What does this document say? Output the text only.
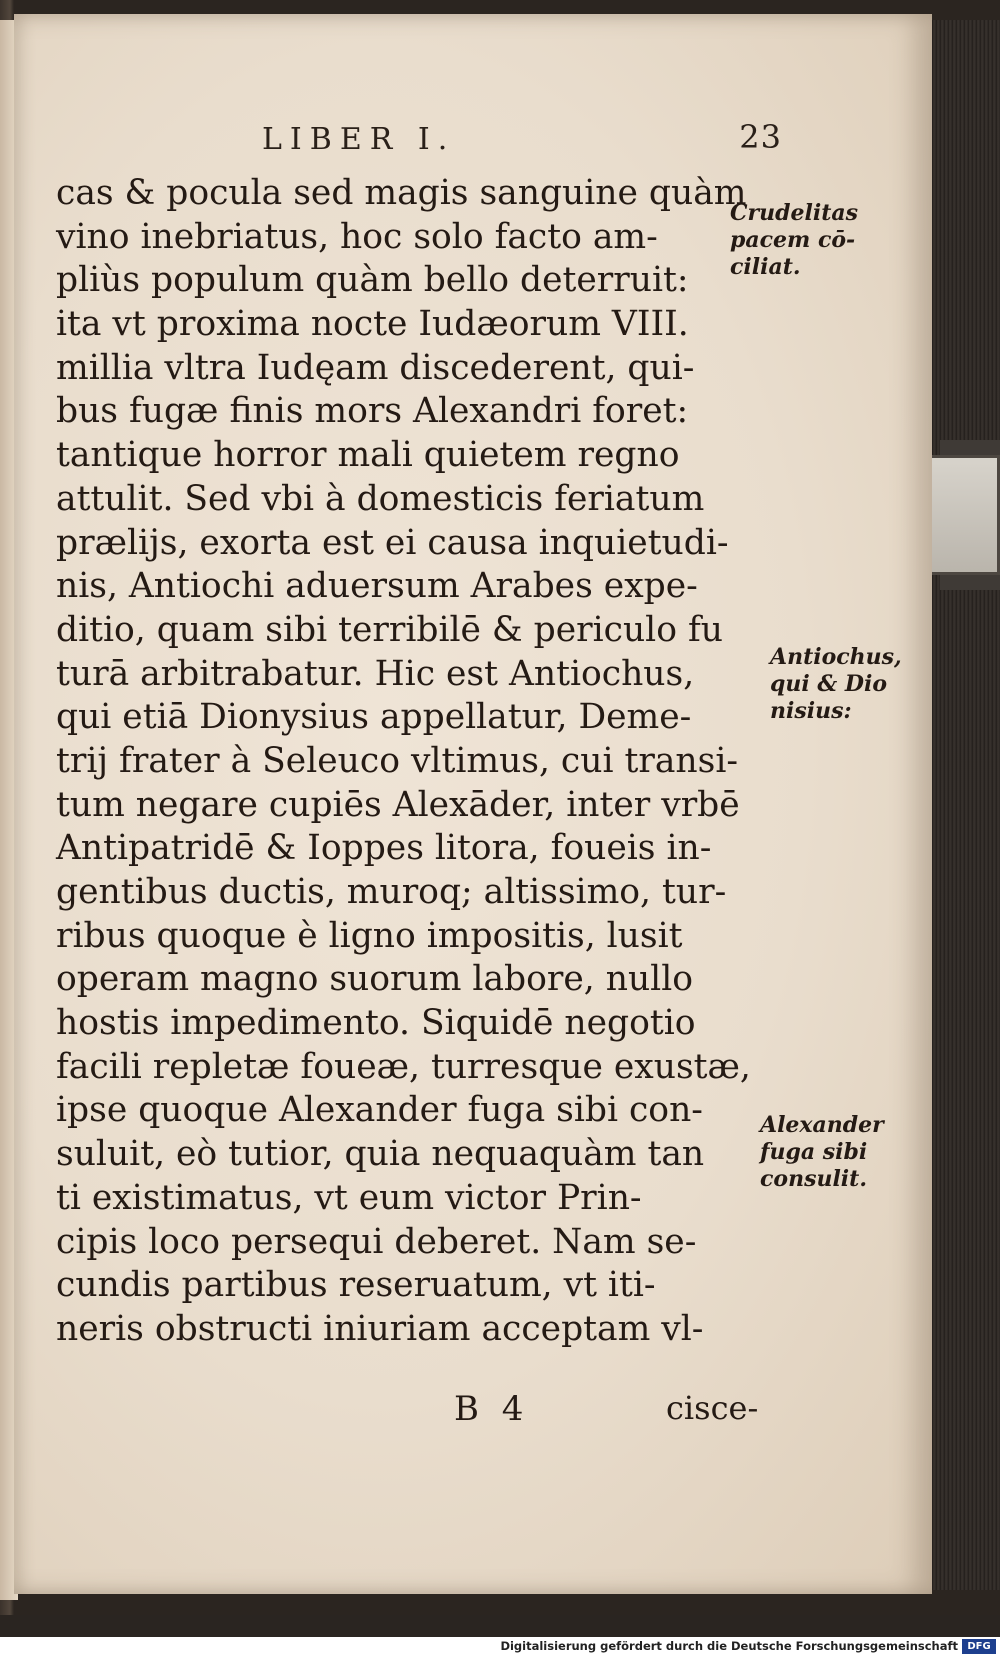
LIBER I.	23
cas & pocula sed magis sanguine quàm
vino inebriatus, hoc solo facto am-
pliùs populum quàm bello deterruit:
ita vt proxima nocte Iudæorum VIII.
millia vltra Iudęam discederent, qui-
bus fugæ finis mors Alexandri foret:
tantique horror mali quietem regno
attulit. Sed vbi à domesticis feriatum
prælijs, exorta est ei causa inquietudi-
nis, Antiochi aduersum Arabes expe-
ditio, quam sibi terribilē & periculo fu
turā arbitrabatur. Hic est Antiochus,
qui etiā Dionysius appellatur, Deme-
trij frater à Seleuco vltimus, cui transi-
tum negare cupiēs Alexāder, inter vrbē
Antipatridē & Ioppes litora, foueis in-
gentibus ductis, muroq; altissimo, tur-
ribus quoque è ligno impositis, lusit
operam magno suorum labore, nullo
hostis impedimento. Siquidē negotio
facili repletæ foueæ, turresque exustæ,
ipse quoque Alexander fuga sibi con-
suluit, eò tutior, quia nequaquàm tan
ti existimatus, vt eum victor Prin-
cipis loco persequi deberet. Nam se-
cundis partibus reseruatum, vt iti-
neris obstructi iniuriam acceptam vl-
Crudelitas
pacem cō-
ciliat.
Antiochus,
qui & Dio
nisius:
Alexander
fuga sibi
consulit.
B 4	cisce-
Digitalisierung gefördert durch die Deutsche Forschungsgemeinschaft DFG
